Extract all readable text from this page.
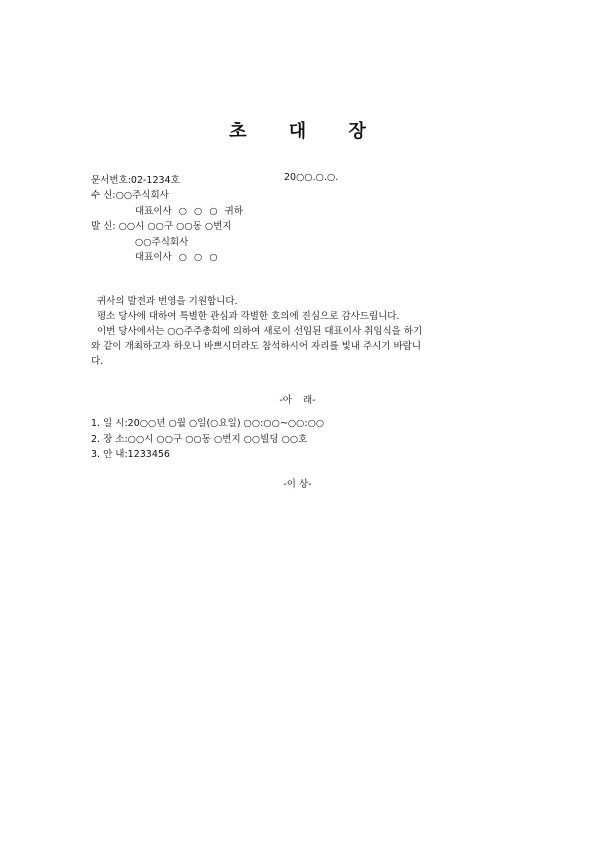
초 대 장
문서번호:02-1234호	20○○.○.○.
수 신:○○주식회사
대표이사 ○ ○ ○ 귀하
발 신: ○○시 ○○구 ○○동 ○번지
○○주식회사
대표이사 ○ ○ ○
귀사의 발전과 번영을 기원합니다.
평소 당사에 대하여 특별한 관심과 각별한 호의에 진심으로 감사드립니다.
이번 당사에서는 ○○주주총회에 의하여 새로이 선임된 대표이사 취임식을 하기
와 같이 개최하고자 하오니 바쁘시더라도 참석하시어 자리를 빛내 주시기 바랍니
다.
-아 래-
1. 일 시:20○○년 ○월 ○일(○요일) ○○:○○~○○:○○
2. 장 소:○○시 ○○구 ○○동 ○번지 ○○빌딩 ○○호
3. 안 내:1233456
-이 상-
